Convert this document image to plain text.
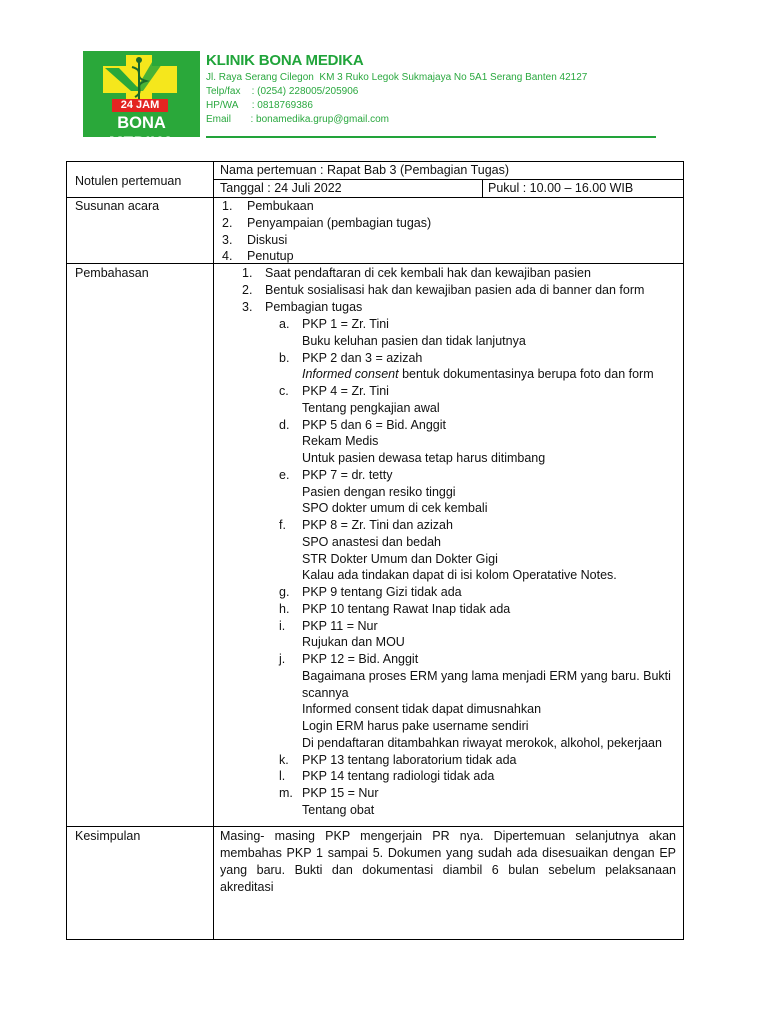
24 JAM
BONA MEDIKA
KLINIK BONA MEDIKA
Jl. Raya Serang Cilegon  KM 3 Ruko Legok Sukmajaya No 5A1 Serang Banten 42127
Telp/fax    : (0254) 228005/205906
HP/WA     : 0818769386
Email       : bonamedika.grup@gmail.com
Notulen pertemuan
Nama pertemuan : Rapat Bab 3 (Pembagian Tugas)
Tanggal : 24 Juli 2022	Pukul : 10.00 – 16.00 WIB
Susunan acara	1. Pembukaan
2. Penyampaian (pembagian tugas)
3. Diskusi
4. Penutup
Pembahasan	1. Saat pendaftaran di cek kembali hak dan kewajiban pasien
2. Bentuk sosialisasi hak dan kewajiban pasien ada di banner dan form
3. Pembagian tugas
a. PKP 1 = Zr. Tini
Buku keluhan pasien dan tidak lanjutnya
b. PKP 2 dan 3 = azizah
Informed consent bentuk dokumentasinya berupa foto dan form
c. PKP 4 = Zr. Tini
Tentang pengkajian awal
d. PKP 5 dan 6 = Bid. Anggit
Rekam Medis
Untuk pasien dewasa tetap harus ditimbang
e. PKP 7 = dr. tetty
Pasien dengan resiko tinggi
SPO dokter umum di cek kembali
f. PKP 8 = Zr. Tini dan azizah
SPO anastesi dan bedah
STR Dokter Umum dan Dokter Gigi
Kalau ada tindakan dapat di isi kolom Operatative Notes.
g. PKP 9 tentang Gizi tidak ada
h. PKP 10 tentang Rawat Inap tidak ada
i. PKP 11 = Nur
Rujukan dan MOU
j. PKP 12 = Bid. Anggit
Bagaimana proses ERM yang lama menjadi ERM yang baru. Bukti
scannya
Informed consent tidak dapat dimusnahkan
Login ERM harus pake username sendiri
Di pendaftaran ditambahkan riwayat merokok, alkohol, pekerjaan
k. PKP 13 tentang laboratorium tidak ada
l. PKP 14 tentang radiologi tidak ada
m. PKP 15 = Nur
Tentang obat
Kesimpulan	Masing- masing PKP mengerjain PR nya. Dipertemuan selanjutnya akan membahas PKP 1 sampai 5. Dokumen yang sudah ada disesuaikan dengan EP yang baru. Bukti dan dokumentasi diambil 6 bulan sebelum pelaksanaan akreditasi
